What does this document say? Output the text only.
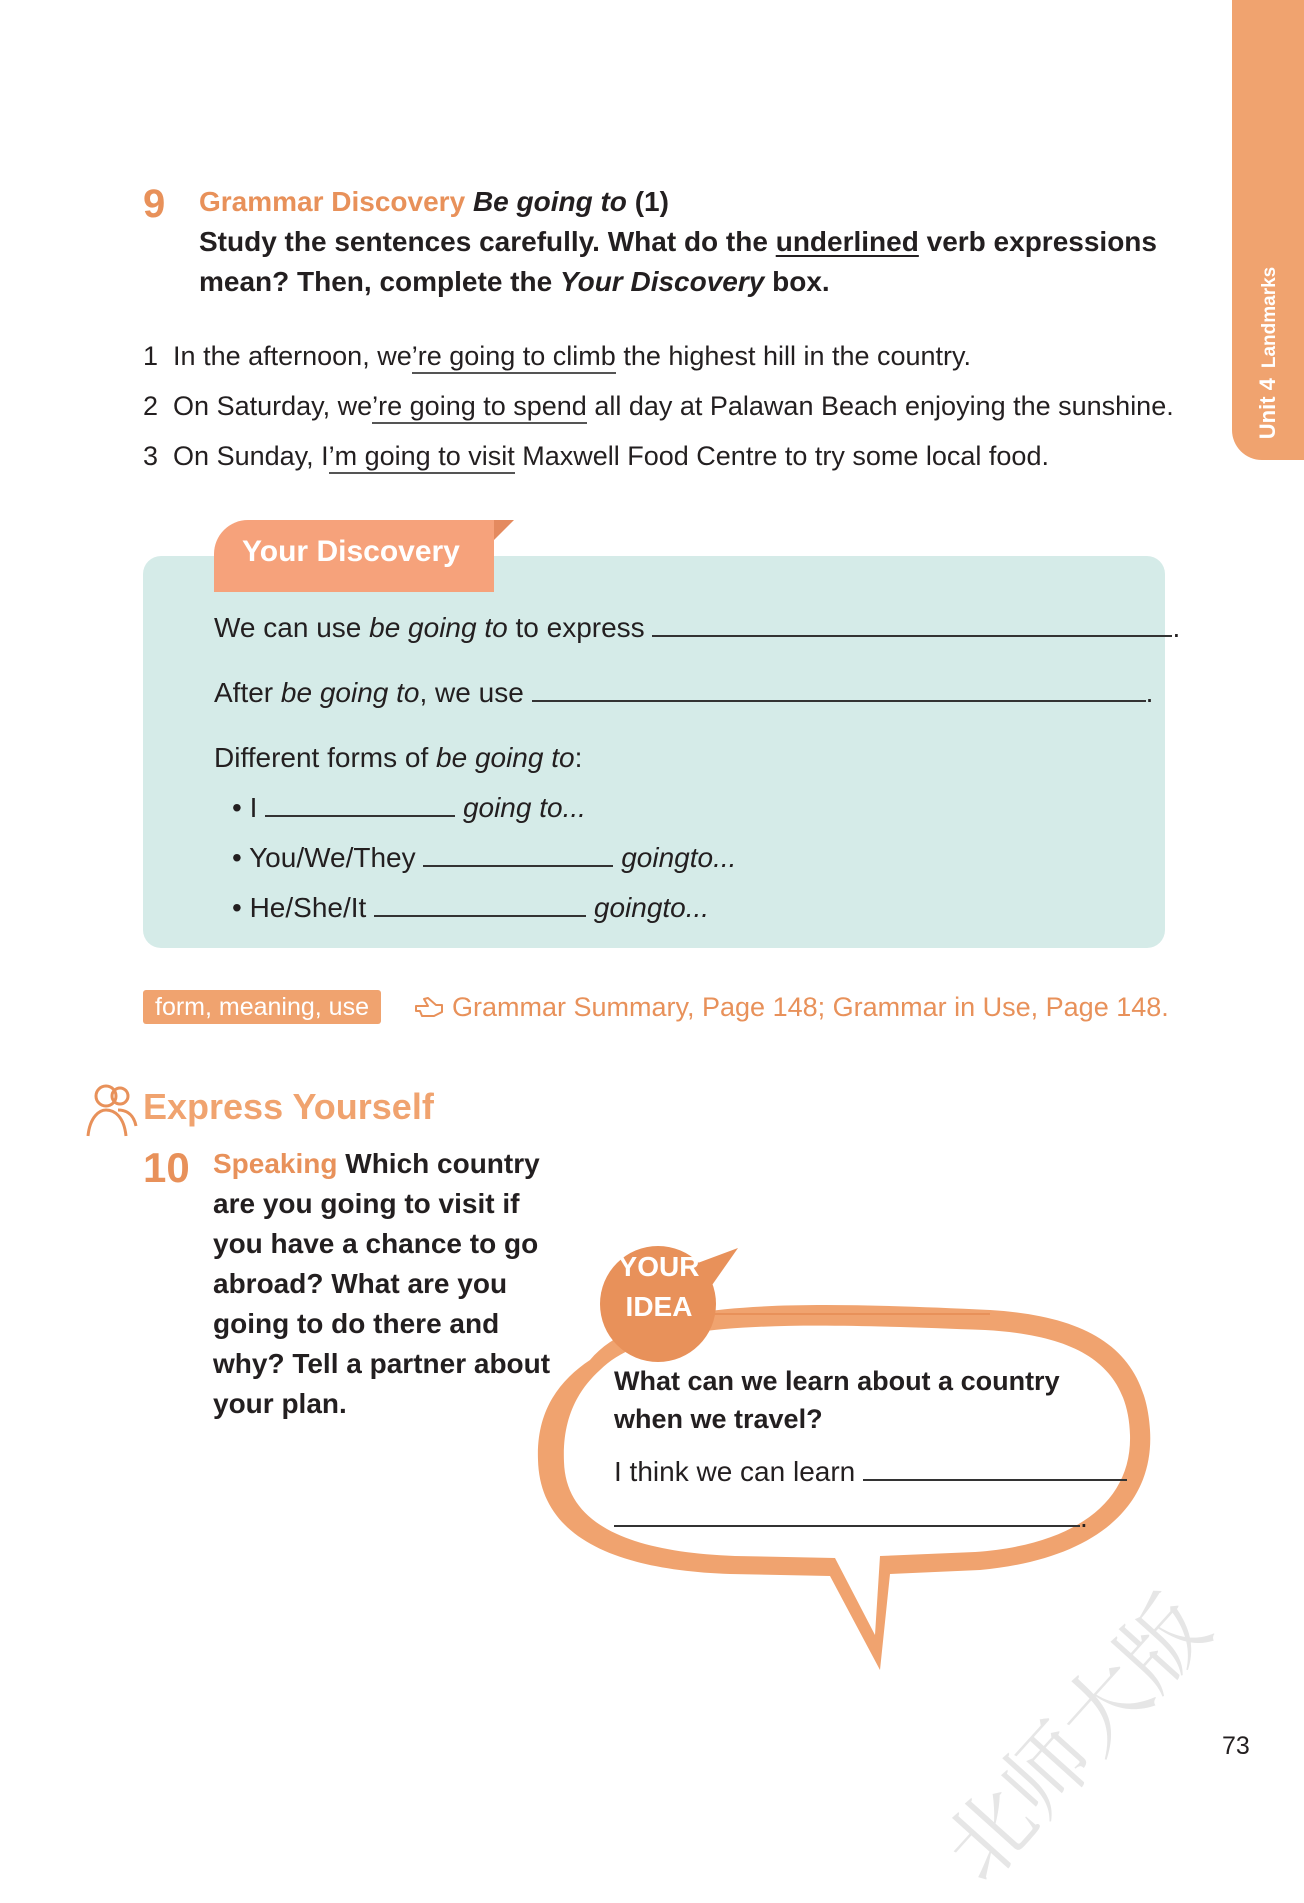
Unit 4Landmarks
9 Grammar Discovery Be going to (1)
Study the sentences carefully. What do the underlined verb expressions
mean? Then, complete the Your Discovery box.
1 In the afternoon, we’re going to climb the highest hill in the country.
2 On Saturday, we’re going to spend all day at Palawan Beach enjoying the sunshine.
3 On Sunday, I’m going to visit Maxwell Food Centre to try some local food.
Your Discovery
We can use be going to to express	.
After be going to, we use	.
Different forms of be going to:
• I	going to...
• You/We/They	goingto...
• He/She/It	goingto...
form, meaning, use	Grammar Summary, Page 148; Grammar in Use, Page 148.
Express Yourself
10 Speaking Which country are you going to visit if you have a chance to go abroad? What are you going to do there and why? Tell a partner about your plan.
YOUR
IDEA
What can we learn about a country when we travel?
I think we can learn
.
北师大版
73
